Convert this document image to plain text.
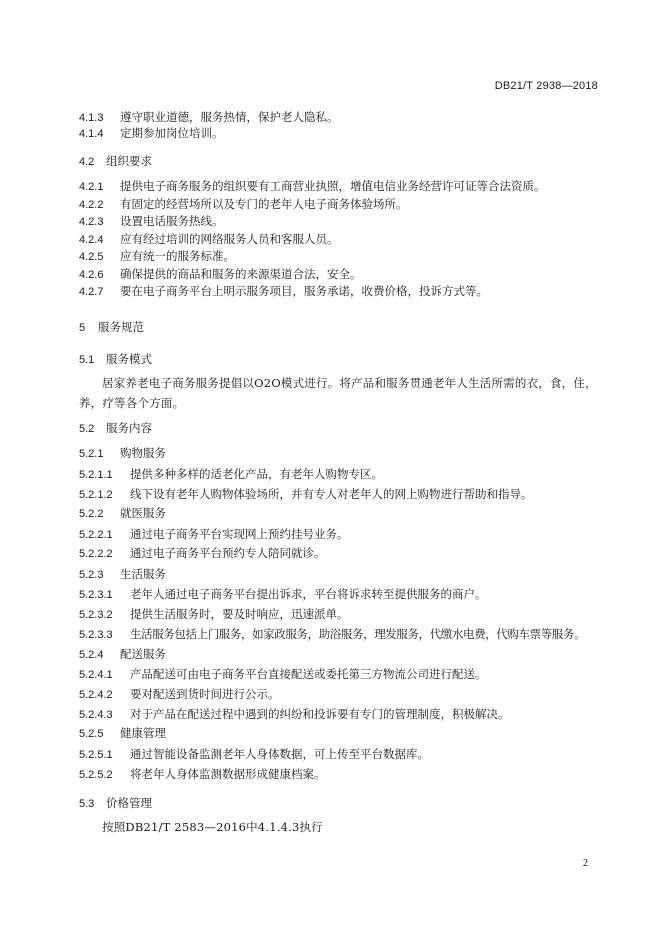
DB21/T 2938—2018
4.1.3 遵守职业道德，服务热情，保护老人隐私。
4.1.4 定期参加岗位培训。
4.2 组织要求
4.2.1 提供电子商务服务的组织要有工商营业执照，增值电信业务经营许可证等合法资质。
4.2.2 有固定的经营场所以及专门的老年人电子商务体验场所。
4.2.3 设置电话服务热线。
4.2.4 应有经过培训的网络服务人员和客服人员。
4.2.5 应有统一的服务标准。
4.2.6 确保提供的商品和服务的来源渠道合法，安全。
4.2.7 要在电子商务平台上明示服务项目，服务承诺，收费价格，投诉方式等。
5 服务规范
5.1 服务模式
居家养老电子商务服务提倡以O2O模式进行。将产品和服务贯通老年人生活所需的衣，食，住，养，疗等各个方面。
5.2 服务内容
5.2.1 购物服务
5.2.1.1 提供多种多样的适老化产品，有老年人购物专区。
5.2.1.2 线下设有老年人购物体验场所，并有专人对老年人的网上购物进行帮助和指导。
5.2.2 就医服务
5.2.2.1 通过电子商务平台实现网上预约挂号业务。
5.2.2.2 通过电子商务平台预约专人陪同就诊。
5.2.3 生活服务
5.2.3.1 老年人通过电子商务平台提出诉求，平台将诉求转至提供服务的商户。
5.2.3.2 提供生活服务时，要及时响应，迅速派单。
5.2.3.3 生活服务包括上门服务，如家政服务，助浴服务，理发服务，代缴水电费，代购车票等服务。
5.2.4 配送服务
5.2.4.1 产品配送可由电子商务平台直接配送或委托第三方物流公司进行配送。
5.2.4.2 要对配送到货时间进行公示。
5.2.4.3 对于产品在配送过程中遇到的纠纷和投诉要有专门的管理制度，积极解决。
5.2.5 健康管理
5.2.5.1 通过智能设备监测老年人身体数据，可上传至平台数据库。
5.2.5.2 将老年人身体监测数据形成健康档案。
5.3 价格管理
按照DB21/T 2583—2016中4.1.4.3执行
2
